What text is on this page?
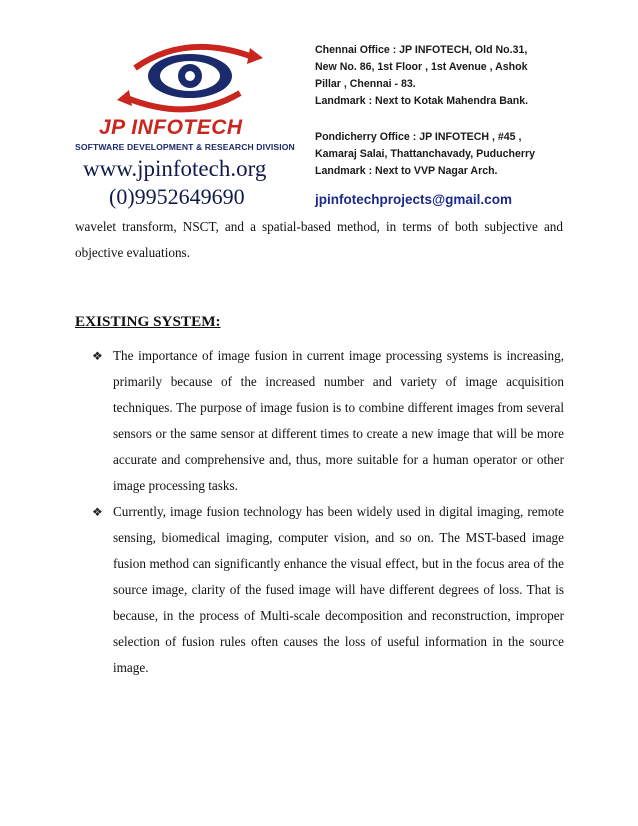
JP INFOTECH
SOFTWARE DEVELOPMENT & RESEARCH DIVISION
www.jpinfotech.org
(0)9952649690
Chennai Office : JP INFOTECH, Old No.31,
New No. 86, 1st Floor , 1st Avenue , Ashok
Pillar , Chennai - 83.
Landmark : Next to Kotak Mahendra Bank.
Pondicherry Office : JP INFOTECH , #45 ,
Kamaraj Salai, Thattanchavady, Puducherry
Landmark : Next to VVP Nagar Arch.
jpinfotechprojects@gmail.com

wavelet transform, NSCT, and a spatial-based method, in terms of both subjective and objective evaluations.

EXISTING SYSTEM:
❖ The importance of image fusion in current image processing systems is increasing, primarily because of the increased number and variety of image acquisition techniques. The purpose of image fusion is to combine different images from several sensors or the same sensor at different times to create a new image that will be more accurate and comprehensive and, thus, more suitable for a human operator or other image processing tasks.
❖ Currently, image fusion technology has been widely used in digital imaging, remote sensing, biomedical imaging, computer vision, and so on. The MST-based image fusion method can significantly enhance the visual effect, but in the focus area of the source image, clarity of the fused image will have different degrees of loss. That is because, in the process of Multi-scale decomposition and reconstruction, improper selection of fusion rules often causes the loss of useful information in the source image.
